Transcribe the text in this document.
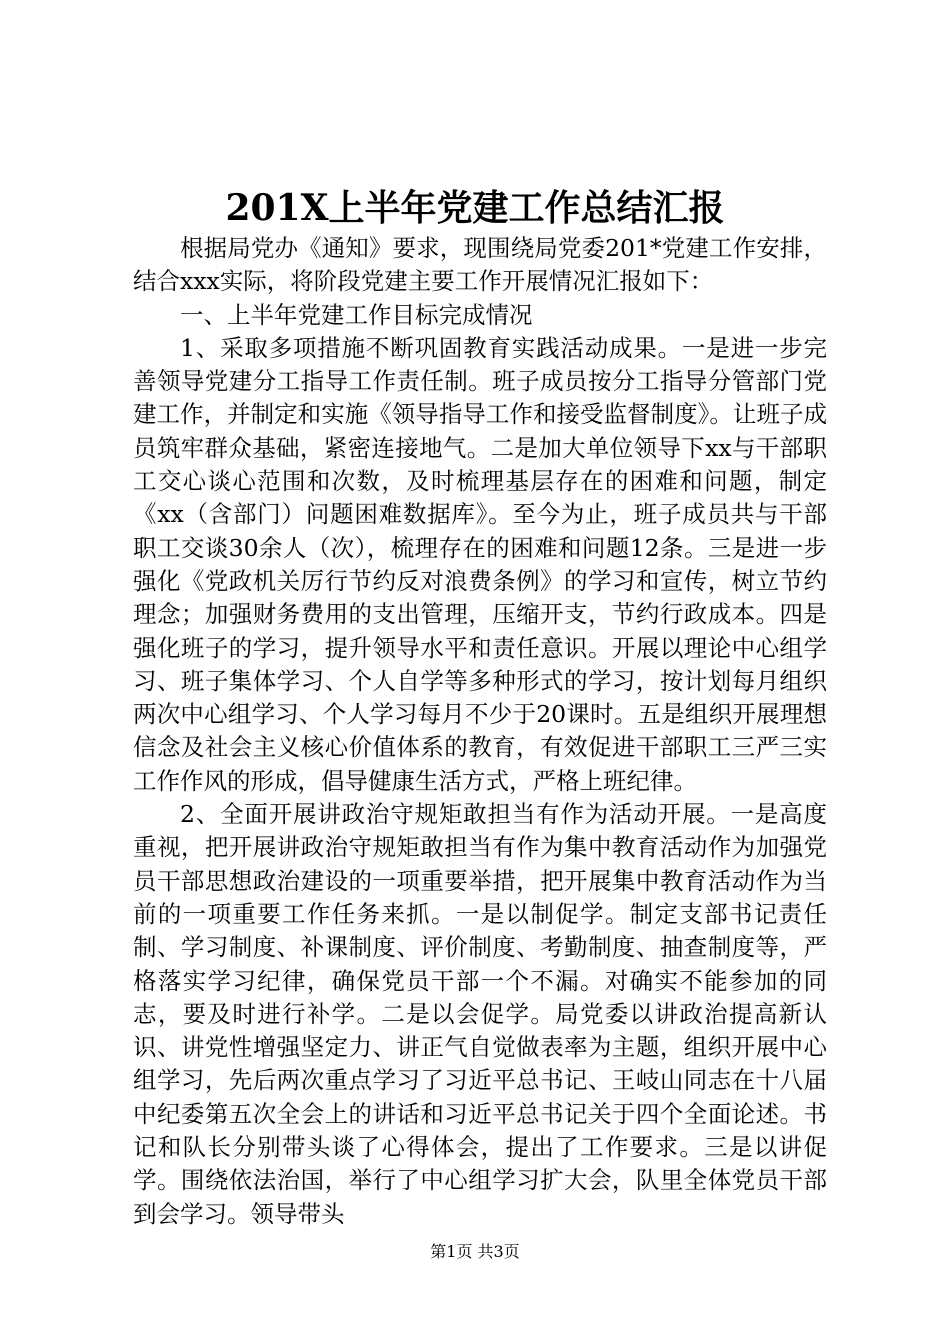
201X上半年党建工作总结汇报

根据局党办《通知》要求，现围绕局党委201*党建工作安排，结合xxx实际，将阶段党建主要工作开展情况汇报如下：

一、上半年党建工作目标完成情况

1、采取多项措施不断巩固教育实践活动成果。一是进一步完善领导党建分工指导工作责任制。班子成员按分工指导分管部门党建工作，并制定和实施《领导指导工作和接受监督制度》。让班子成员筑牢群众基础，紧密连接地气。二是加大单位领导下xx与干部职工交心谈心范围和次数，及时梳理基层存在的困难和问题，制定《xx（含部门）问题困难数据库》。至今为止，班子成员共与干部职工交谈30余人（次），梳理存在的困难和问题12条。三是进一步强化《党政机关厉行节约反对浪费条例》的学习和宣传，树立节约理念；加强财务费用的支出管理，压缩开支，节约行政成本。四是强化班子的学习，提升领导水平和责任意识。开展以理论中心组学习、班子集体学习、个人自学等多种形式的学习，按计划每月组织两次中心组学习、个人学习每月不少于20课时。五是组织开展理想信念及社会主义核心价值体系的教育，有效促进干部职工三严三实工作作风的形成，倡导健康生活方式，严格上班纪律。

2、全面开展讲政治守规矩敢担当有作为活动开展。一是高度重视，把开展讲政治守规矩敢担当有作为集中教育活动作为加强党员干部思想政治建设的一项重要举措，把开展集中教育活动作为当前的一项重要工作任务来抓。一是以制促学。制定支部书记责任制、学习制度、补课制度、评价制度、考勤制度、抽查制度等，严格落实学习纪律，确保党员干部一个不漏。对确实不能参加的同志，要及时进行补学。二是以会促学。局党委以讲政治提高新认识、讲党性增强坚定力、讲正气自觉做表率为主题，组织开展中心组学习，先后两次重点学习了习近平总书记、王岐山同志在十八届中纪委第五次全会上的讲话和习近平总书记关于四个全面论述。书记和队长分别带头谈了心得体会，提出了工作要求。三是以讲促学。围绕依法治国，举行了中心组学习扩大会，队里全体党员干部到会学习。领导带头

第1页 共3页
